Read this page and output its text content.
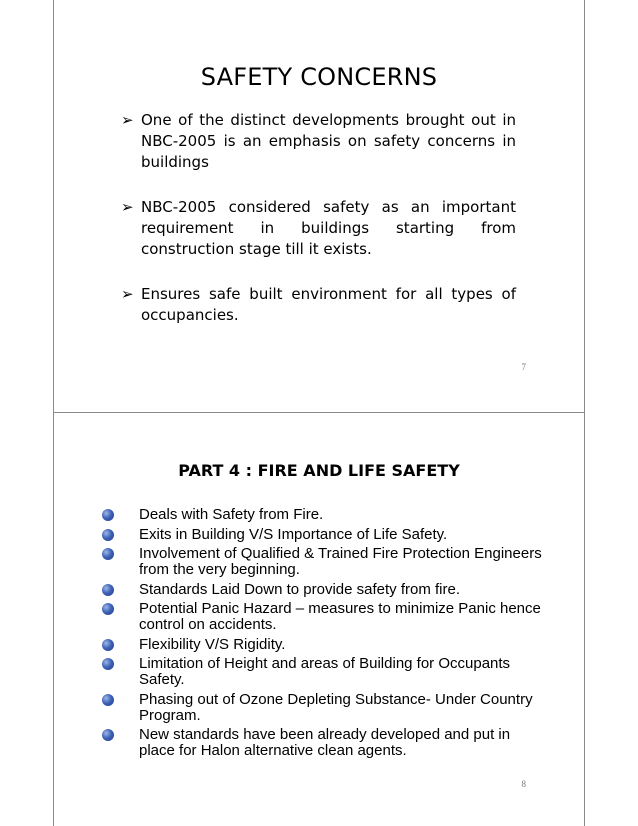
SAFETY CONCERNS
➢ One of the distinct developments brought out in NBC-2005 is an emphasis on safety concerns in buildings
➢ NBC-2005 considered safety as an important requirement in buildings starting from construction stage till it exists.
➢ Ensures safe built environment for all types of occupancies.
7
PART 4 : FIRE AND LIFE SAFETY
Deals with Safety from Fire.
Exits in Building V/S Importance of Life Safety.
Involvement of Qualified & Trained Fire Protection Engineers from the very beginning.
Standards Laid Down to provide safety from fire.
Potential Panic Hazard – measures to minimize Panic hence control on accidents.
Flexibility V/S Rigidity.
Limitation of Height and areas of Building for Occupants Safety.
Phasing out of Ozone Depleting Substance- Under Country Program.
New standards have been already developed and put in place for Halon alternative clean agents.
8
